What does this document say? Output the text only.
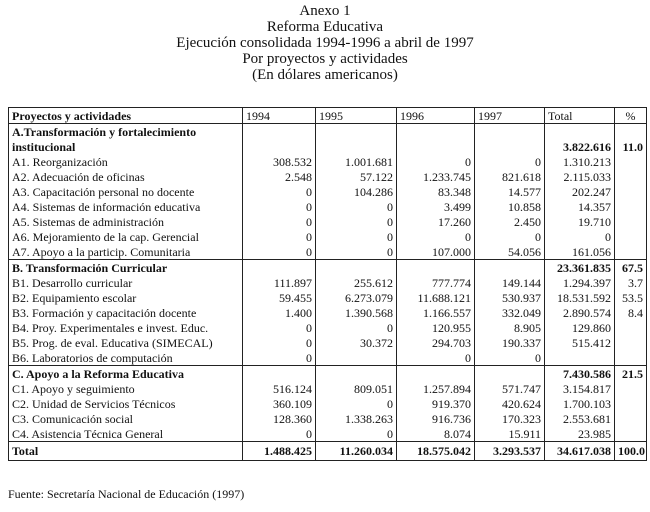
Anexo 1
Reforma Educativa
Ejecución consolidada 1994-1996 a abril de 1997
Por proyectos y actividades
(En dólares americanos)
Proyectos y actividades	1994	1995	1996	1997	Total	%
A.Transformación y fortalecimiento						
institucional					3.822.616	11.0
A1. Reorganización	308.532	1.001.681	0	0	1.310.213	
A2. Adecuación de oficinas	2.548	57.122	1.233.745	821.618	2.115.033	
A3. Capacitación personal no docente	0	104.286	83.348	14.577	202.247	
A4. Sistemas de información educativa	0	0	3.499	10.858	14.357	
A5. Sistemas de administración	0	0	17.260	2.450	19.710	
A6. Mejoramiento de la cap. Gerencial	0	0	0	0	0	
A7. Apoyo a la particip. Comunitaria	0	0	107.000	54.056	161.056	
B. Transformación Curricular					23.361.835	67.5
B1. Desarrollo curricular	111.897	255.612	777.774	149.144	1.294.397	3.7
B2. Equipamiento escolar	59.455	6.273.079	11.688.121	530.937	18.531.592	53.5
B3. Formación y capacitación docente	1.400	1.390.568	1.166.557	332.049	2.890.574	8.4
B4. Proy. Experimentales e invest. Educ.	0	0	120.955	8.905	129.860	
B5. Prog. de eval. Educativa (SIMECAL)	0	30.372	294.703	190.337	515.412	
B6. Laboratorios de computación	0		0	0		
C. Apoyo a la Reforma Educativa					7.430.586	21.5
C1. Apoyo y seguimiento	516.124	809.051	1.257.894	571.747	3.154.817	
C2. Unidad de Servicios Técnicos	360.109	0	919.370	420.624	1.700.103	
C3. Comunicación social	128.360	1.338.263	916.736	170.323	2.553.681	
C4. Asistencia Técnica General	0	0	8.074	15.911	23.985	
Total	1.488.425	11.260.034	18.575.042	3.293.537	34.617.038	100.0
Fuente: Secretaría Nacional de Educación (1997)
